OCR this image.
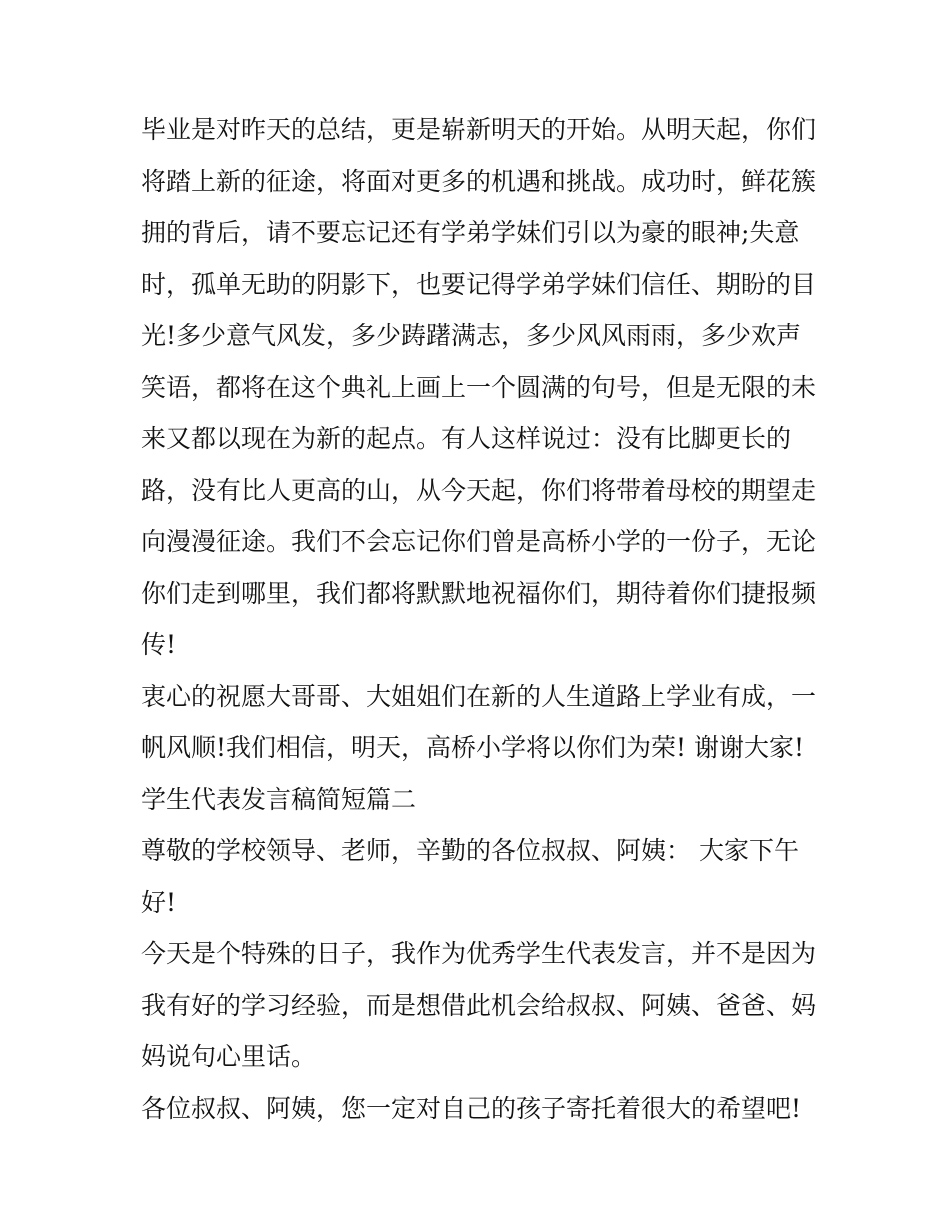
毕业是对昨天的总结，更是崭新明天的开始。从明天起，你们
将踏上新的征途，将面对更多的机遇和挑战。成功时，鲜花簇
拥的背后，请不要忘记还有学弟学妹们引以为豪的眼神;失意
时，孤单无助的阴影下，也要记得学弟学妹们信任、期盼的目
光!多少意气风发，多少踌躇满志，多少风风雨雨，多少欢声
笑语，都将在这个典礼上画上一个圆满的句号，但是无限的未
来又都以现在为新的起点。有人这样说过：没有比脚更长的
路，没有比人更高的山，从今天起，你们将带着母校的期望走
向漫漫征途。我们不会忘记你们曾是高桥小学的一份子，无论
你们走到哪里，我们都将默默地祝福你们，期待着你们捷报频
传!
衷心的祝愿大哥哥、大姐姐们在新的人生道路上学业有成，一
帆风顺!我们相信，明天，高桥小学将以你们为荣! 谢谢大家!
学生代表发言稿简短篇二
尊敬的学校领导、老师，辛勤的各位叔叔、阿姨： 大家下午
好!
今天是个特殊的日子，我作为优秀学生代表发言，并不是因为
我有好的学习经验，而是想借此机会给叔叔、阿姨、爸爸、妈
妈说句心里话。
各位叔叔、阿姨，您一定对自己的孩子寄托着很大的希望吧!
